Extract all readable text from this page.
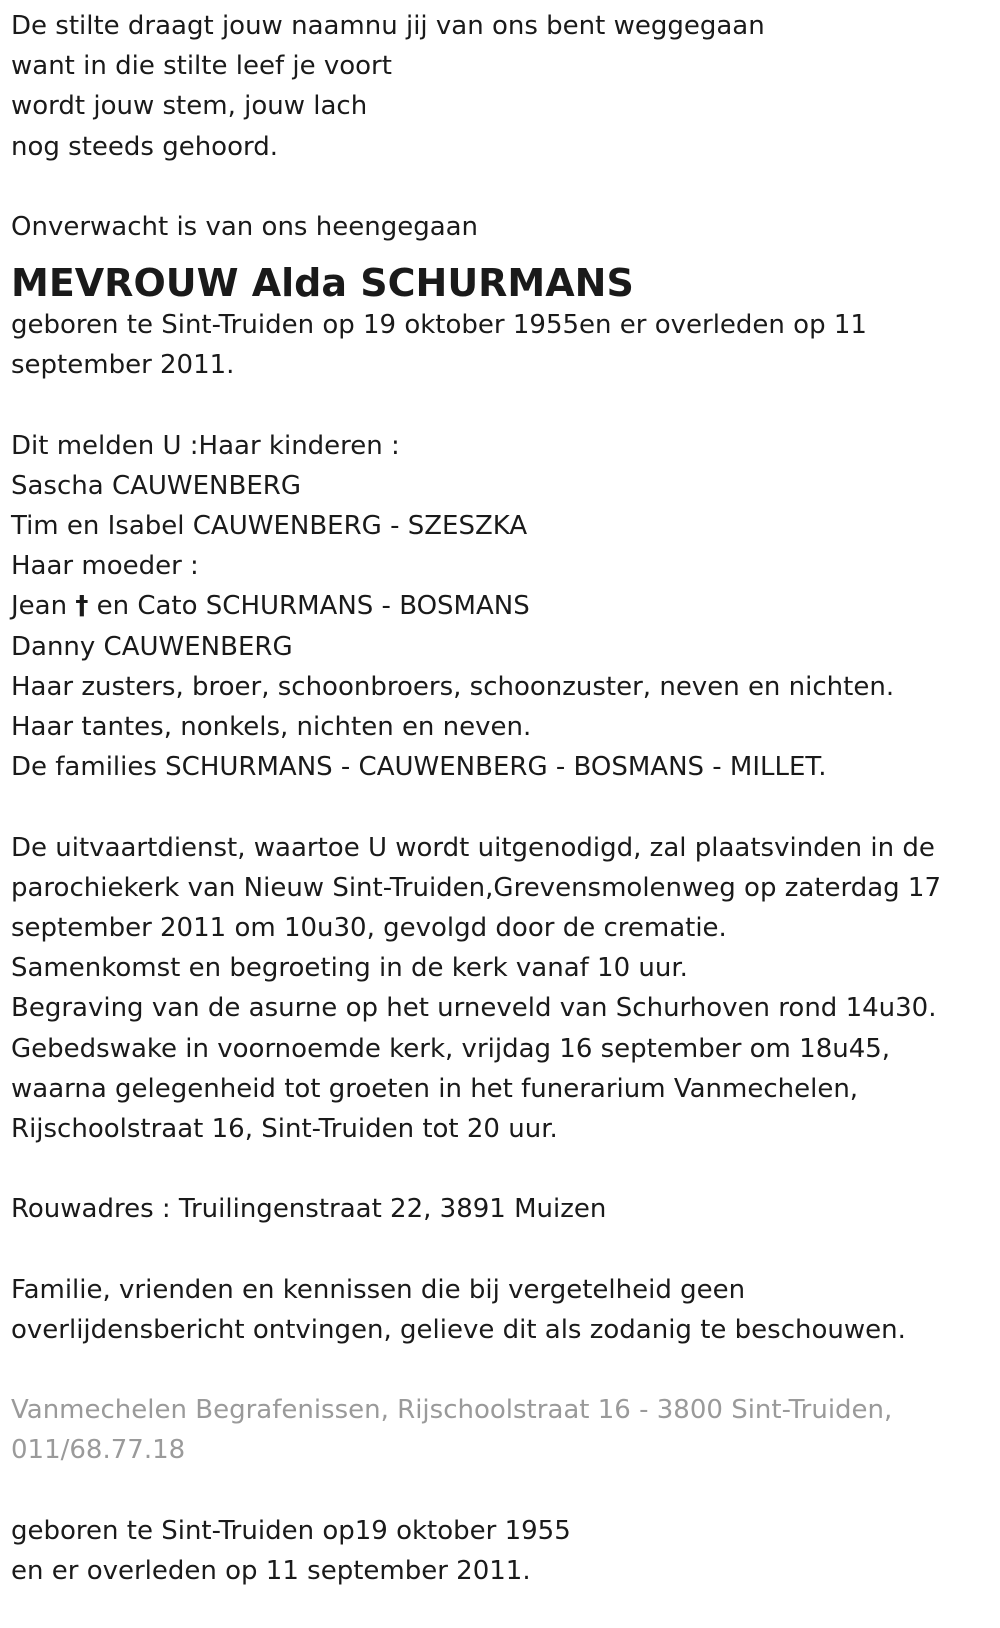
De stilte draagt jouw naamnu jij van ons bent weggegaan
want in die stilte leef je voort
wordt jouw stem, jouw lach
nog steeds gehoord.
Onverwacht is van ons heengegaan
MEVROUW Alda SCHURMANS
geboren te Sint-Truiden op 19 oktober 1955en er overleden op 11
september 2011.
Dit melden U :Haar kinderen :
Sascha CAUWENBERG
Tim en Isabel CAUWENBERG - SZESZKA
Haar moeder :
Jean † en Cato SCHURMANS - BOSMANS
Danny CAUWENBERG
Haar zusters, broer, schoonbroers, schoonzuster, neven en nichten.
Haar tantes, nonkels, nichten en neven.
De families SCHURMANS - CAUWENBERG - BOSMANS - MILLET.
De uitvaartdienst, waartoe U wordt uitgenodigd, zal plaatsvinden in de
parochiekerk van Nieuw Sint-Truiden,Grevensmolenweg op zaterdag 17
september 2011 om 10u30, gevolgd door de crematie.
Samenkomst en begroeting in de kerk vanaf 10 uur.
Begraving van de asurne op het urneveld van Schurhoven rond 14u30.
Gebedswake in voornoemde kerk, vrijdag 16 september om 18u45,
waarna gelegenheid tot groeten in het funerarium Vanmechelen,
Rijschoolstraat 16, Sint-Truiden tot 20 uur.
Rouwadres : Truilingenstraat 22, 3891 Muizen
Familie, vrienden en kennissen die bij vergetelheid geen
overlijdensbericht ontvingen, gelieve dit als zodanig te beschouwen.
Vanmechelen Begrafenissen, Rijschoolstraat 16 - 3800 Sint-Truiden,
011/68.77.18
geboren te Sint-Truiden op19 oktober 1955
en er overleden op 11 september 2011.
